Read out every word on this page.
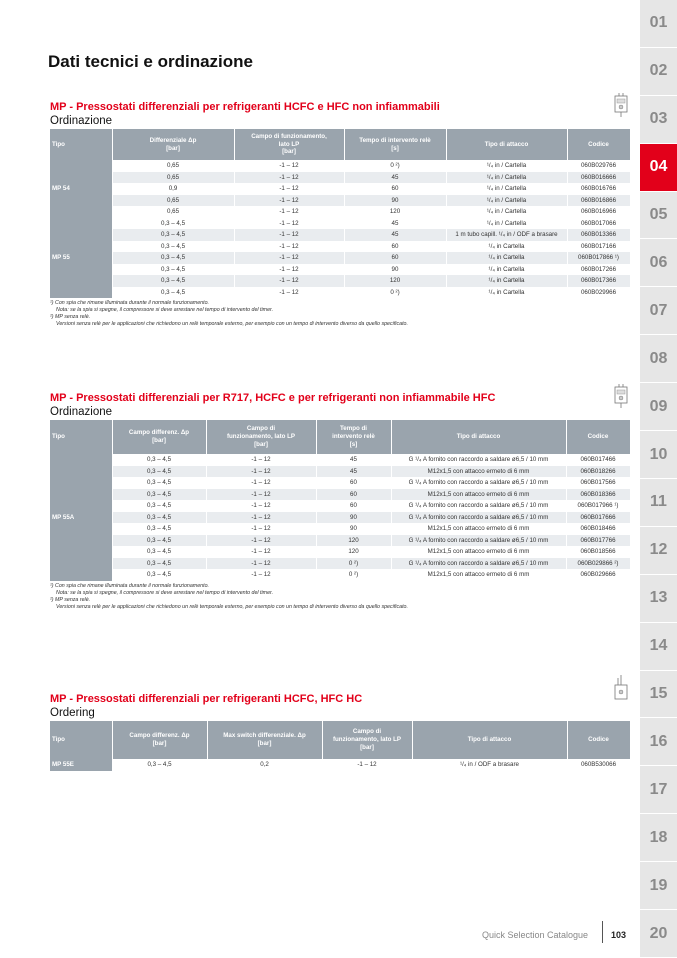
Dati tecnici e ordinazione
01
02
03
04
05
06
07
08
09
10
11
12
13
14
15
16
17
18
19
20

MP - Pressostati differenziali per refrigeranti HCFC e HFC non infiammabili

Ordinazione

Tipo	Differenziale Δp
[bar]	Campo di funzionamento,
lato LP
[bar]	Tempo di intervento relè
[s]	Tipo di attacco	Codice
MP 54	0,65	-1 – 12	0 ²)	¹/₄ in / Cartella	060B029766
	0,65	-1 – 12	45	¹/₄ in / Cartella	060B016666
	0,9	-1 – 12	60	¹/₄ in / Cartella	060B016766
	0,65	-1 – 12	90	¹/₄ in / Cartella	060B016866
	0,65	-1 – 12	120	¹/₄ in / Cartella	060B016966
MP 55	0,3 – 4,5	-1 – 12	45	¹/₄ in / Cartella	060B017066
	0,3 – 4,5	-1 – 12	45	1 m tubo capill. ¹/₄ in / ODF a brasare	060B013366
	0,3 – 4,5	-1 – 12	60	¹/₄ in Cartella	060B017166
	0,3 – 4,5	-1 – 12	60	¹/₄ in Cartella	060B017866 ¹)
	0,3 – 4,5	-1 – 12	90	¹/₄ in Cartella	060B017266
	0,3 – 4,5	-1 – 12	120	¹/₄ in Cartella	060B017366
	0,3 – 4,5	-1 – 12	0 ²)	¹/₄ in Cartella	060B029966
¹) Con spia che rimane illuminata durante il normale funzionamento.
Nota: se la spia si spegne, il compressore si deve arrestare nel tempo di intervento del timer.
²) MP senza relè.
Versioni senza relè per le applicazioni che richiedono un relè temporale esterno, per esempio con un tempo di intervento diverso da quello specificato.

MP - Pressostati differenziali per R717, HCFC e per refrigeranti non infiammabile HFC

Ordinazione

Tipo	Campo differenz. Δp
[bar]	Campo di
funzionamento, lato LP
[bar]	Tempo di
intervento relè
[s]	Tipo di attacco	Codice
MP 55A	0,3 – 4,5	-1 – 12	45	G ¹/₄ A fornito con raccordo a saldare ø6,5 / 10 mm	060B017466
	0,3 – 4,5	-1 – 12	45	M12x1,5 con attacco ermeto di 6 mm	060B018266
	0,3 – 4,5	-1 – 12	60	G ¹/₄ A fornito con raccordo a saldare ø6,5 / 10 mm	060B017566
	0,3 – 4,5	-1 – 12	60	M12x1,5 con attacco ermeto di 6 mm	060B018366
	0,3 – 4,5	-1 – 12	60	G ¹/₄ A fornito con raccordo a saldare ø6,5 / 10 mm	060B017966 ¹)
	0,3 – 4,5	-1 – 12	90	G ¹/₄ A fornito con raccordo a saldare ø6,5 / 10 mm	060B017666
	0,3 – 4,5	-1 – 12	90	M12x1,5 con attacco ermeto di 6 mm	060B018466
	0,3 – 4,5	-1 – 12	120	G ¹/₄ A fornito con raccordo a saldare ø6,5 / 10 mm	060B017766
	0,3 – 4,5	-1 – 12	120	M12x1,5 con attacco ermeto di 6 mm	060B018566
	0,3 – 4,5	-1 – 12	0 ²)	G ¹/₄ A fornito con raccordo a saldare ø6,5 / 10 mm	060B029866 ²)
	0,3 – 4,5	-1 – 12	0 ²)	M12x1,5 con attacco ermeto di 6 mm	060B029666
¹) Con spia che rimane illuminata durante il normale funzionamento.
Nota: se la spia si spegne, il compressore si deve arrestare nel tempo di intervento del timer.
²) MP senza relè.
Versioni senza relè per le applicazioni che richiedono un relè temporale esterno, per esempio con un tempo di intervento diverso da quello specificato.

MP - Pressostati differenziali per refrigeranti HCFC, HFC HC

Ordering

Tipo	Campo differenz. Δp
[bar]	Max switch differenziale. Δp
[bar]	Campo di
funzionamento, lato LP
[bar]	Tipo di attacco	Codice
MP 55E	0,3 – 4,5	0,2	-1 – 12	¹/₄ in / ODF a brasare	060B530066
Quick Selection Catalogue	103
